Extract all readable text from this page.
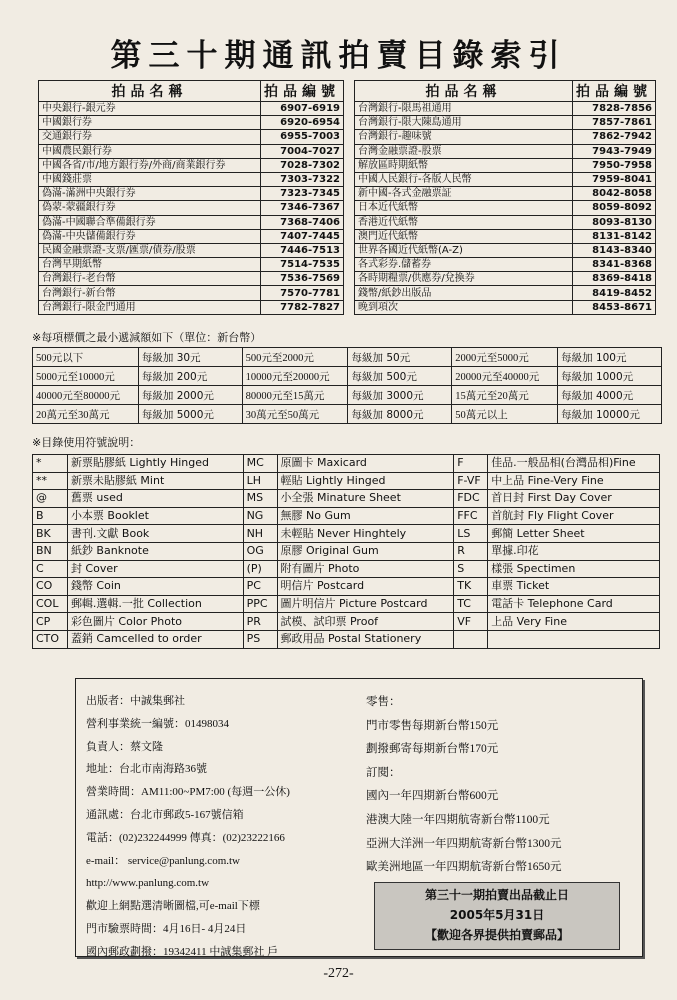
第三十期通訊拍賣目錄索引
拍品名稱	拍品編號
中央銀行-銀元券	6907-6919
中國銀行券	6920-6954
交通銀行券	6955-7003
中國農民銀行券	7004-7027
中國各省/市/地方銀行券/外商/商業銀行券	7028-7302
中國錢莊票	7303-7322
偽滿-滿洲中央銀行券	7323-7345
偽蒙-蒙疆銀行券	7346-7367
偽滿-中國聯合準備銀行券	7368-7406
偽滿-中央儲備銀行券	7407-7445
民國金融票證-支票/匯票/債券/股票	7446-7513
台灣早期紙幣	7514-7535
台灣銀行-老台幣	7536-7569
台灣銀行-新台幣	7570-7781
台灣銀行-限金門通用	7782-7827
拍品名稱	拍品編號
台灣銀行-限馬祖通用	7828-7856
台灣銀行-限大陳島通用	7857-7861
台灣銀行-趣味號	7862-7942
台灣金融票證-股票	7943-7949
解放區時期紙幣	7950-7958
中國人民銀行-各版人民幣	7959-8041
新中國-各式金融票証	8042-8058
日本近代紙幣	8059-8092
香港近代紙幣	8093-8130
澳門近代紙幣	8131-8142
世界各國近代紙幣(A-Z)	8143-8340
各式彩券.儲蓄券	8341-8368
各時期糧票/供應券/兌換券	8369-8418
錢幣/紙鈔出版品	8419-8452
晚到項次	8453-8671
※每項標價之最小遞減額如下（單位：新台幣）
500元以下	每級加 30元	500元至2000元	每級加 50元	2000元至5000元	每級加 100元
5000元至10000元	每級加 200元	10000元至20000元	每級加 500元	20000元至40000元	每級加 1000元
40000元至80000元	每級加 2000元	80000元至15萬元	每級加 3000元	15萬元至20萬元	每級加 4000元
20萬元至30萬元	每級加 5000元	30萬元至50萬元	每級加 8000元	50萬元以上	每級加 10000元
※目錄使用符號說明：
*	新票貼膠紙 Lightly Hinged	MC	原圖卡 Maxicard	F	佳品.一般品相(台灣品相)Fine
**	新票未貼膠紙 Mint	LH	輕貼 Lightly Hinged	F-VF	中上品 Fine-Very Fine
@	舊票 used	MS	小全張 Minature Sheet	FDC	首日封 First Day Cover
B	小本票 Booklet	NG	無膠 No Gum	FFC	首航封 Fly Flight Cover
BK	書刊.文獻 Book	NH	未輕貼 Never Hinghtely	LS	郵簡 Letter Sheet
BN	紙鈔 Banknote	OG	原膠 Original Gum	R	單據.印花
C	封 Cover	(P)	附有圖片 Photo	S	樣張 Spectimen
CO	錢幣 Coin	PC	明信片 Postcard	TK	車票 Ticket
COL	郵輯.選輯.一批 Collection	PPC	圖片明信片 Picture Postcard	TC	電話卡 Telephone Card
CP	彩色圖片 Color Photo	PR	試模、試印票 Proof	VF	上品 Very Fine
CTO	蓋銷 Camcelled to order	PS	郵政用品 Postal Stationery		
出版者：中誠集郵社
營利事業統一編號：01498034
負責人：蔡文隆
地址：台北市南海路36號
營業時間：AM11:00~PM7:00 (每週一公休)
通訊處：台北市郵政5-167號信箱
電話：(02)232244999 傳真：(02)23222166
e-mail： service@panlung.com.tw
http://www.panlung.com.tw
歡迎上網點選清晰圖檔,可e-mail下標
門市驗票時間：4月16日- 4月24日
國內郵政劃撥：19342411 中誠集郵社 戶
零售：
門市零售每期新台幣150元
劃撥郵寄每期新台幣170元
訂閱：
國內一年四期新台幣600元
港澳大陸一年四期航寄新台幣1100元
亞洲大洋洲一年四期航寄新台幣1300元
歐美洲地區一年四期航寄新台幣1650元
第三十一期拍賣出品截止日
2005年5月31日
【歡迎各界提供拍賣郵品】
-272-
